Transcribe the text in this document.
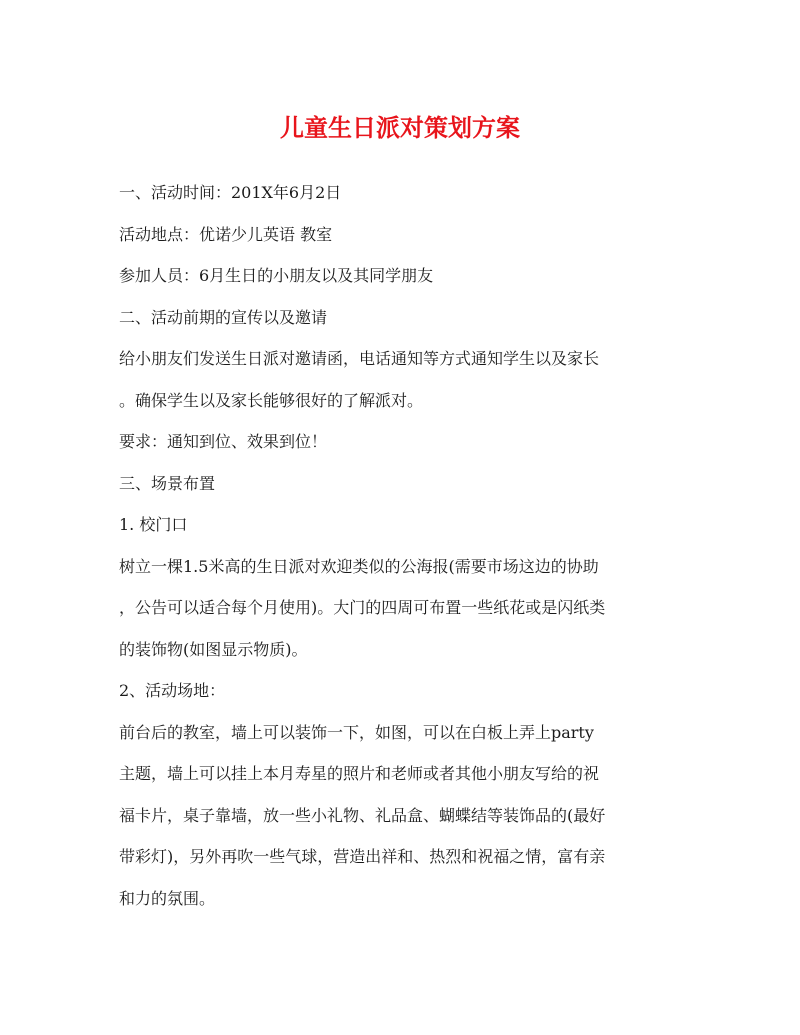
儿童生日派对策划方案
一、活动时间：201X年6月2日
活动地点：优诺少儿英语 教室
参加人员：6月生日的小朋友以及其同学朋友
二、活动前期的宣传以及邀请
给小朋友们发送生日派对邀请函，电话通知等方式通知学生以及家长
。确保学生以及家长能够很好的了解派对。
要求：通知到位、效果到位！
三、场景布置
1. 校门口
树立一棵1.5米高的生日派对欢迎类似的公海报(需要市场这边的协助
，公告可以适合每个月使用)。大门的四周可布置一些纸花或是闪纸类
的装饰物(如图显示物质)。
2、活动场地：
前台后的教室，墙上可以装饰一下，如图，可以在白板上弄上party
主题，墙上可以挂上本月寿星的照片和老师或者其他小朋友写给的祝
福卡片，桌子靠墙，放一些小礼物、礼品盒、蝴蝶结等装饰品的(最好
带彩灯)，另外再吹一些气球，营造出祥和、热烈和祝福之情，富有亲
和力的氛围。
